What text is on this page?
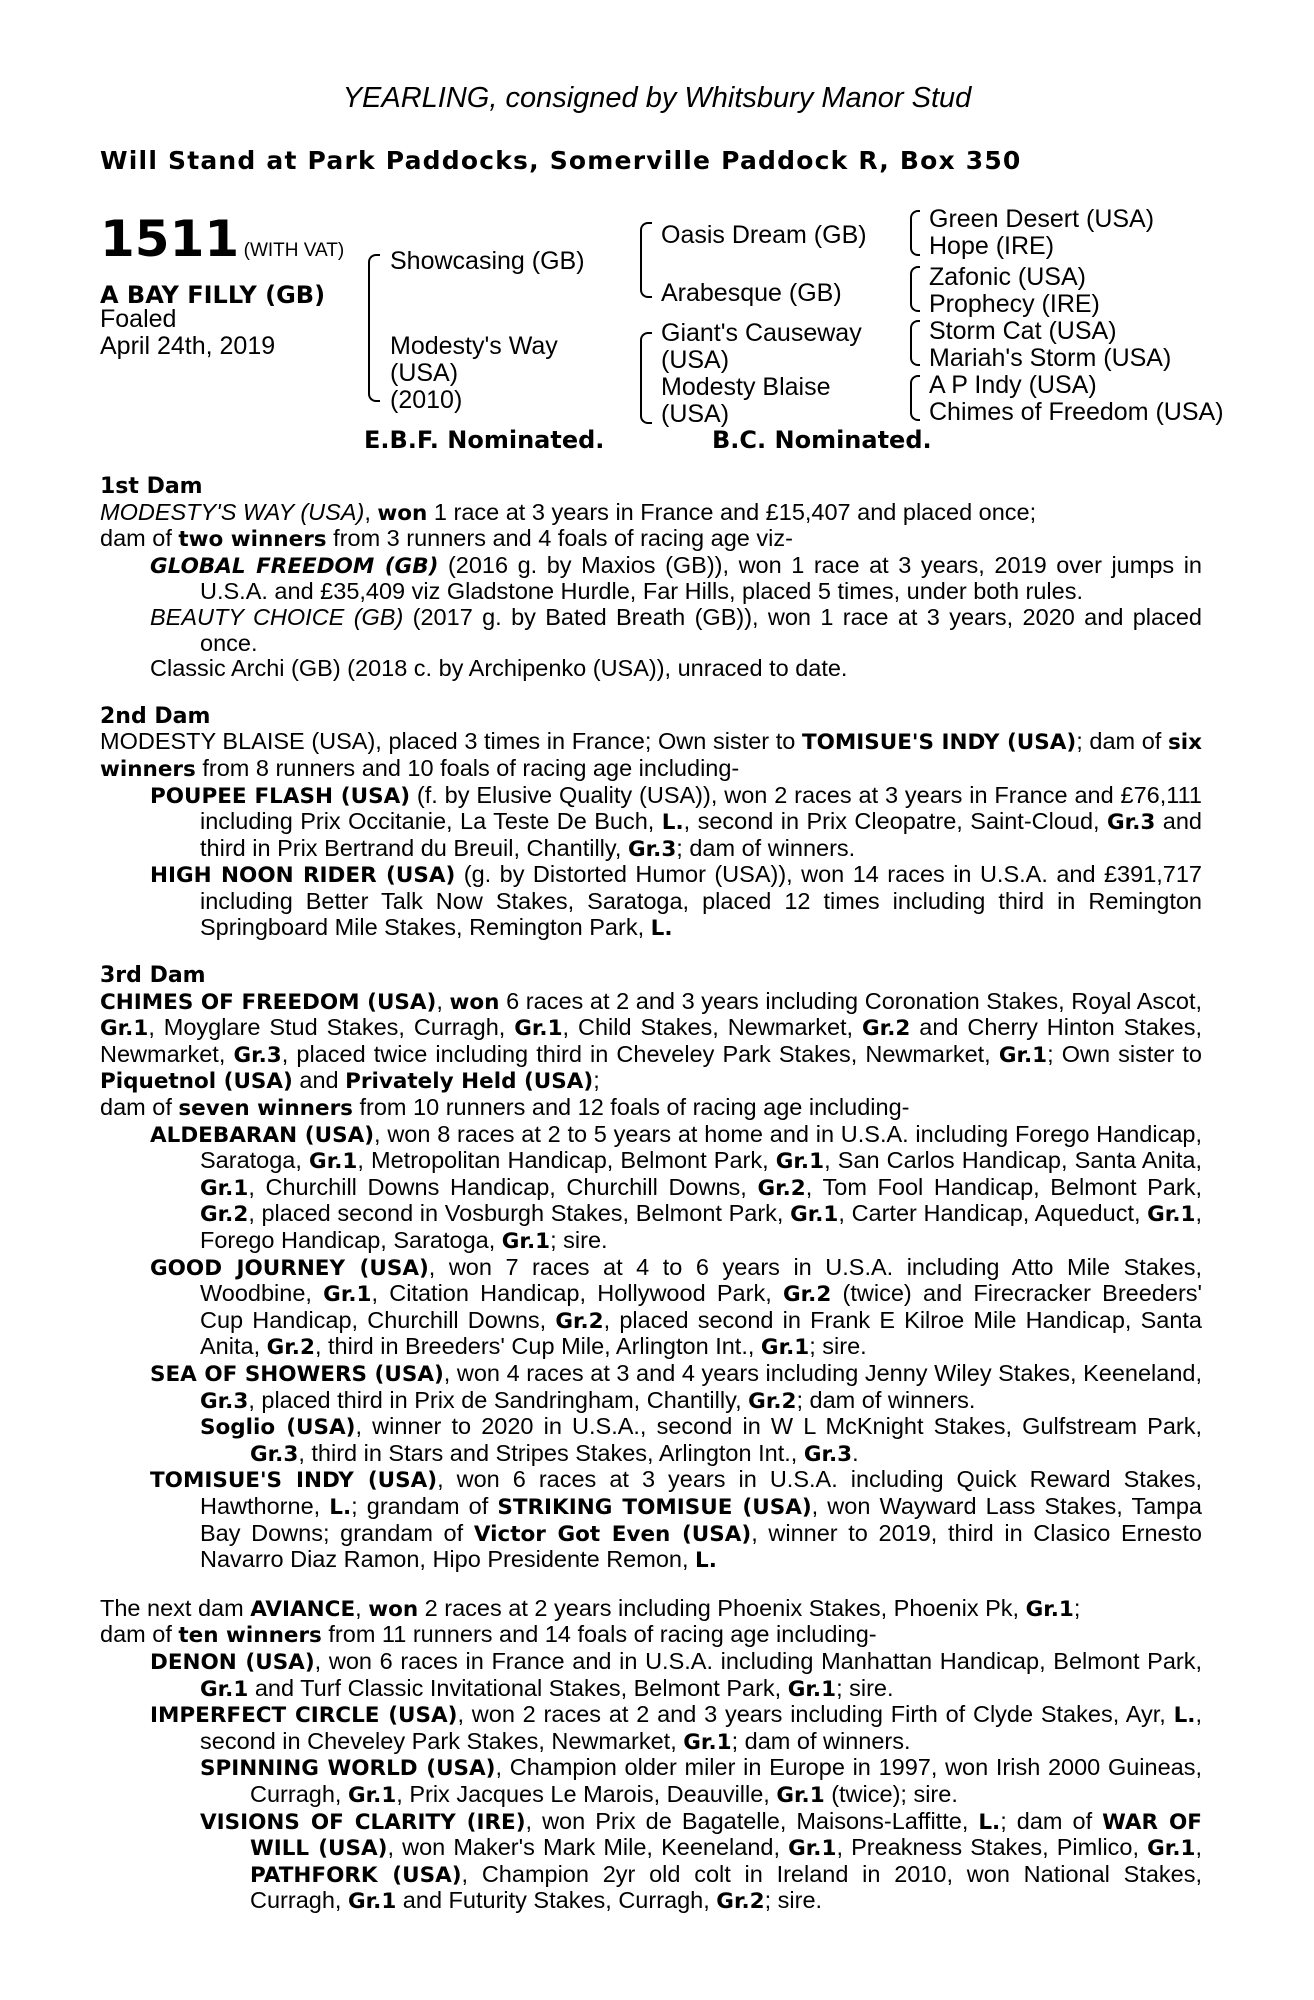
YEARLING, consigned by Whitsbury Manor Stud
Will Stand at Park Paddocks, Somerville Paddock R, Box 350
1511 (WITH VAT)
A BAY FILLY (GB)
Foaled
April 24th, 2019
Showcasing (GB)
Modesty's Way
(USA)
(2010)
Oasis Dream (GB)
Arabesque (GB)
Giant's Causeway
(USA)
Modesty Blaise
(USA)
Green Desert (USA)
Hope (IRE)
Zafonic (USA)
Prophecy (IRE)
Storm Cat (USA)
Mariah's Storm (USA)
A P Indy (USA)
Chimes of Freedom (USA)
E.B.F. Nominated.	B.C. Nominated.
1st Dam
MODESTY'S WAY (USA), won 1 race at 3 years in France and £15,407 and placed once;
dam of two winners from 3 runners and 4 foals of racing age viz-
GLOBAL FREEDOM (GB) (2016 g. by Maxios (GB)), won 1 race at 3 years, 2019 over jumps in U.S.A. and £35,409 viz Gladstone Hurdle, Far Hills, placed 5 times, under both rules.
BEAUTY CHOICE (GB) (2017 g. by Bated Breath (GB)), won 1 race at 3 years, 2020 and placed once.
Classic Archi (GB) (2018 c. by Archipenko (USA)), unraced to date.
2nd Dam
MODESTY BLAISE (USA), placed 3 times in France; Own sister to TOMISUE'S INDY (USA); dam of six winners from 8 runners and 10 foals of racing age including-
POUPEE FLASH (USA) (f. by Elusive Quality (USA)), won 2 races at 3 years in France and £76,111 including Prix Occitanie, La Teste De Buch, L., second in Prix Cleopatre, Saint-Cloud, Gr.3 and third in Prix Bertrand du Breuil, Chantilly, Gr.3; dam of winners.
HIGH NOON RIDER (USA) (g. by Distorted Humor (USA)), won 14 races in U.S.A. and £391,717 including Better Talk Now Stakes, Saratoga, placed 12 times including third in Remington Springboard Mile Stakes, Remington Park, L.
3rd Dam
CHIMES OF FREEDOM (USA), won 6 races at 2 and 3 years including Coronation Stakes, Royal Ascot, Gr.1, Moyglare Stud Stakes, Curragh, Gr.1, Child Stakes, Newmarket, Gr.2 and Cherry Hinton Stakes, Newmarket, Gr.3, placed twice including third in Cheveley Park Stakes, Newmarket, Gr.1; Own sister to Piquetnol (USA) and Privately Held (USA);
dam of seven winners from 10 runners and 12 foals of racing age including-
ALDEBARAN (USA), won 8 races at 2 to 5 years at home and in U.S.A. including Forego Handicap, Saratoga, Gr.1, Metropolitan Handicap, Belmont Park, Gr.1, San Carlos Handicap, Santa Anita, Gr.1, Churchill Downs Handicap, Churchill Downs, Gr.2, Tom Fool Handicap, Belmont Park, Gr.2, placed second in Vosburgh Stakes, Belmont Park, Gr.1, Carter Handicap, Aqueduct, Gr.1, Forego Handicap, Saratoga, Gr.1; sire.
GOOD JOURNEY (USA), won 7 races at 4 to 6 years in U.S.A. including Atto Mile Stakes, Woodbine, Gr.1, Citation Handicap, Hollywood Park, Gr.2 (twice) and Firecracker Breeders' Cup Handicap, Churchill Downs, Gr.2, placed second in Frank E Kilroe Mile Handicap, Santa Anita, Gr.2, third in Breeders' Cup Mile, Arlington Int., Gr.1; sire.
SEA OF SHOWERS (USA), won 4 races at 3 and 4 years including Jenny Wiley Stakes, Keeneland, Gr.3, placed third in Prix de Sandringham, Chantilly, Gr.2; dam of winners.
Soglio (USA), winner to 2020 in U.S.A., second in W L McKnight Stakes, Gulfstream Park, Gr.3, third in Stars and Stripes Stakes, Arlington Int., Gr.3.
TOMISUE'S INDY (USA), won 6 races at 3 years in U.S.A. including Quick Reward Stakes, Hawthorne, L.; grandam of STRIKING TOMISUE (USA), won Wayward Lass Stakes, Tampa Bay Downs; grandam of Victor Got Even (USA), winner to 2019, third in Clasico Ernesto Navarro Diaz Ramon, Hipo Presidente Remon, L.
The next dam AVIANCE, won 2 races at 2 years including Phoenix Stakes, Phoenix Pk, Gr.1;
dam of ten winners from 11 runners and 14 foals of racing age including-
DENON (USA), won 6 races in France and in U.S.A. including Manhattan Handicap, Belmont Park, Gr.1 and Turf Classic Invitational Stakes, Belmont Park, Gr.1; sire.
IMPERFECT CIRCLE (USA), won 2 races at 2 and 3 years including Firth of Clyde Stakes, Ayr, L., second in Cheveley Park Stakes, Newmarket, Gr.1; dam of winners.
SPINNING WORLD (USA), Champion older miler in Europe in 1997, won Irish 2000 Guineas, Curragh, Gr.1, Prix Jacques Le Marois, Deauville, Gr.1 (twice); sire.
VISIONS OF CLARITY (IRE), won Prix de Bagatelle, Maisons-Laffitte, L.; dam of WAR OF WILL (USA), won Maker's Mark Mile, Keeneland, Gr.1, Preakness Stakes, Pimlico, Gr.1, PATHFORK (USA), Champion 2yr old colt in Ireland in 2010, won National Stakes, Curragh, Gr.1 and Futurity Stakes, Curragh, Gr.2; sire.
